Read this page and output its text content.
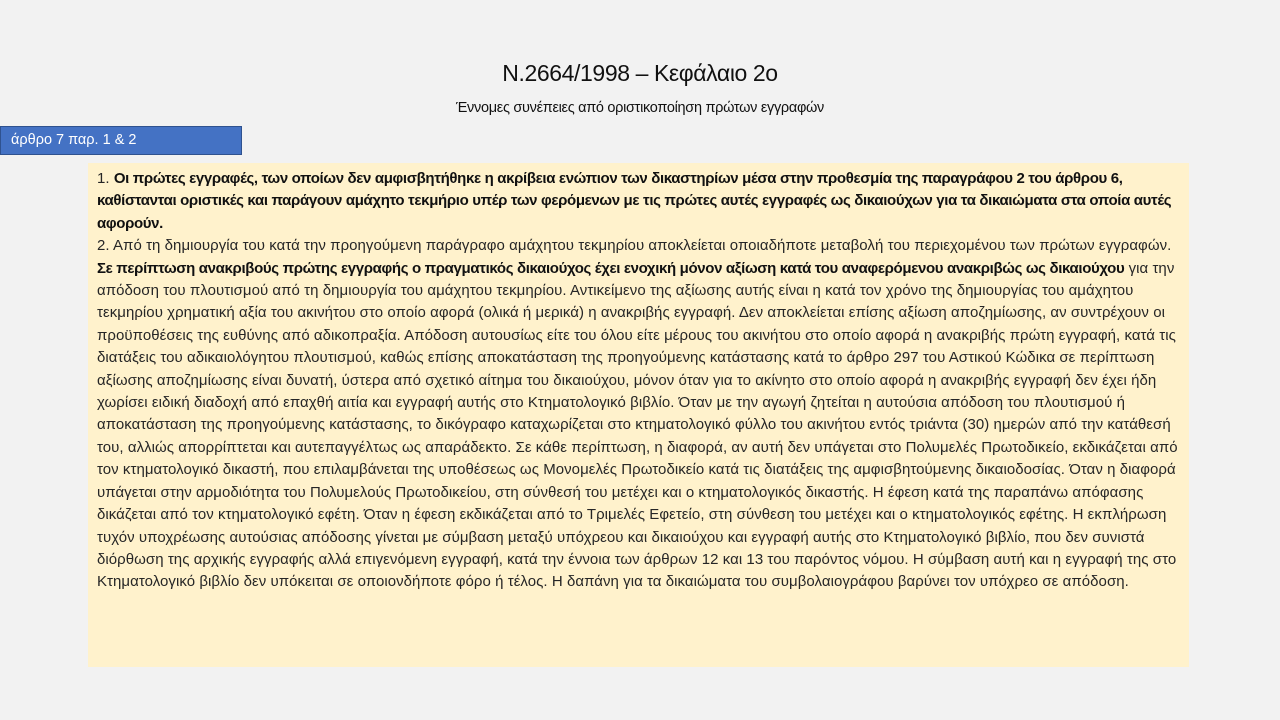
Ν.2664/1998 – Κεφάλαιο 2ο
Έννομες συνέπειες από οριστικοποίηση πρώτων εγγραφών
άρθρο 7 παρ. 1 & 2

1. Οι πρώτες εγγραφές, των οποίων δεν αμφισβητήθηκε η ακρίβεια ενώπιον των δικαστηρίων μέσα στην προθεσμία της παραγράφου 2 του άρθρου 6, καθίστανται οριστικές και παράγουν αμάχητο τεκμήριο υπέρ των φερόμενων με τις πρώτες αυτές εγγραφές ως δικαιούχων για τα δικαιώματα στα οποία αυτές αφορούν.

2. Από τη δημιουργία του κατά την προηγούμενη παράγραφο αμάχητου τεκμηρίου αποκλείεται οποιαδήποτε μεταβολή του περιεχομένου των πρώτων εγγραφών. Σε περίπτωση ανακριβούς πρώτης εγγραφής ο πραγματικός δικαιούχος έχει ενοχική μόνον αξίωση κατά του αναφερόμενου ανακριβώς ως δικαιούχου για την απόδοση του πλουτισμού από τη δημιουργία του αμάχητου τεκμηρίου. Αντικείμενο της αξίωσης αυτής είναι η κατά τον χρόνο της δημιουργίας του αμάχητου τεκμηρίου χρηματική αξία του ακινήτου στο οποίο αφορά (ολικά ή μερικά) η ανακριβής εγγραφή. Δεν αποκλείεται επίσης αξίωση αποζημίωσης, αν συντρέχουν οι προϋποθέσεις της ευθύνης από αδικοπραξία. Απόδοση αυτουσίως είτε του όλου είτε μέρους του ακινήτου στο οποίο αφορά η ανακριβής πρώτη εγγραφή, κατά τις διατάξεις του αδικαιολόγητου πλουτισμού, καθώς επίσης αποκατάσταση της προηγούμενης κατάστασης κατά το άρθρο 297 του Αστικού Κώδικα σε περίπτωση αξίωσης αποζημίωσης είναι δυνατή, ύστερα από σχετικό αίτημα του δικαιούχου, μόνον όταν για το ακίνητο στο οποίο αφορά η ανακριβής εγγραφή δεν έχει ήδη χωρίσει ειδική διαδοχή από επαχθή αιτία και εγγραφή αυτής στο Κτηματολογικό βιβλίο. Όταν με την αγωγή ζητείται η αυτούσια απόδοση του πλουτισμού ή αποκατάσταση της προηγούμενης κατάστασης, το δικόγραφο καταχωρίζεται στο κτηματολογικό φύλλο του ακινήτου εντός τριάντα (30) ημερών από την κατάθεσή του, αλλιώς απορρίπτεται και αυτεπαγγέλτως ως απαράδεκτο. Σε κάθε περίπτωση, η διαφορά, αν αυτή δεν υπάγεται στο Πολυμελές Πρωτοδικείο, εκδικάζεται από τον κτηματολογικό δικαστή, που επιλαμβάνεται της υποθέσεως ως Μονομελές Πρωτοδικείο κατά τις διατάξεις της αμφισβητούμενης δικαιοδοσίας. Όταν η διαφορά υπάγεται στην αρμοδιότητα του Πολυμελούς Πρωτοδικείου, στη σύνθεσή του μετέχει και ο κτηματολογικός δικαστής. Η έφεση κατά της παραπάνω απόφασης δικάζεται από τον κτηματολογικό εφέτη. Όταν η έφεση εκδικάζεται από το Τριμελές Εφετείο, στη σύνθεση του μετέχει και ο κτηματολογικός εφέτης. Η εκπλήρωση τυχόν υποχρέωσης αυτούσιας απόδοσης γίνεται με σύμβαση μεταξύ υπόχρεου και δικαιούχου και εγγραφή αυτής στο Κτηματολογικό βιβλίο, που δεν συνιστά διόρθωση της αρχικής εγγραφής αλλά επιγενόμενη εγγραφή, κατά την έννοια των άρθρων 12 και 13 του παρόντος νόμου. Η σύμβαση αυτή και η εγγραφή της στο Κτηματολογικό βιβλίο δεν υπόκειται σε οποιονδήποτε φόρο ή τέλος. Η δαπάνη για τα δικαιώματα του συμβολαιογράφου βαρύνει τον υπόχρεο σε απόδοση.
